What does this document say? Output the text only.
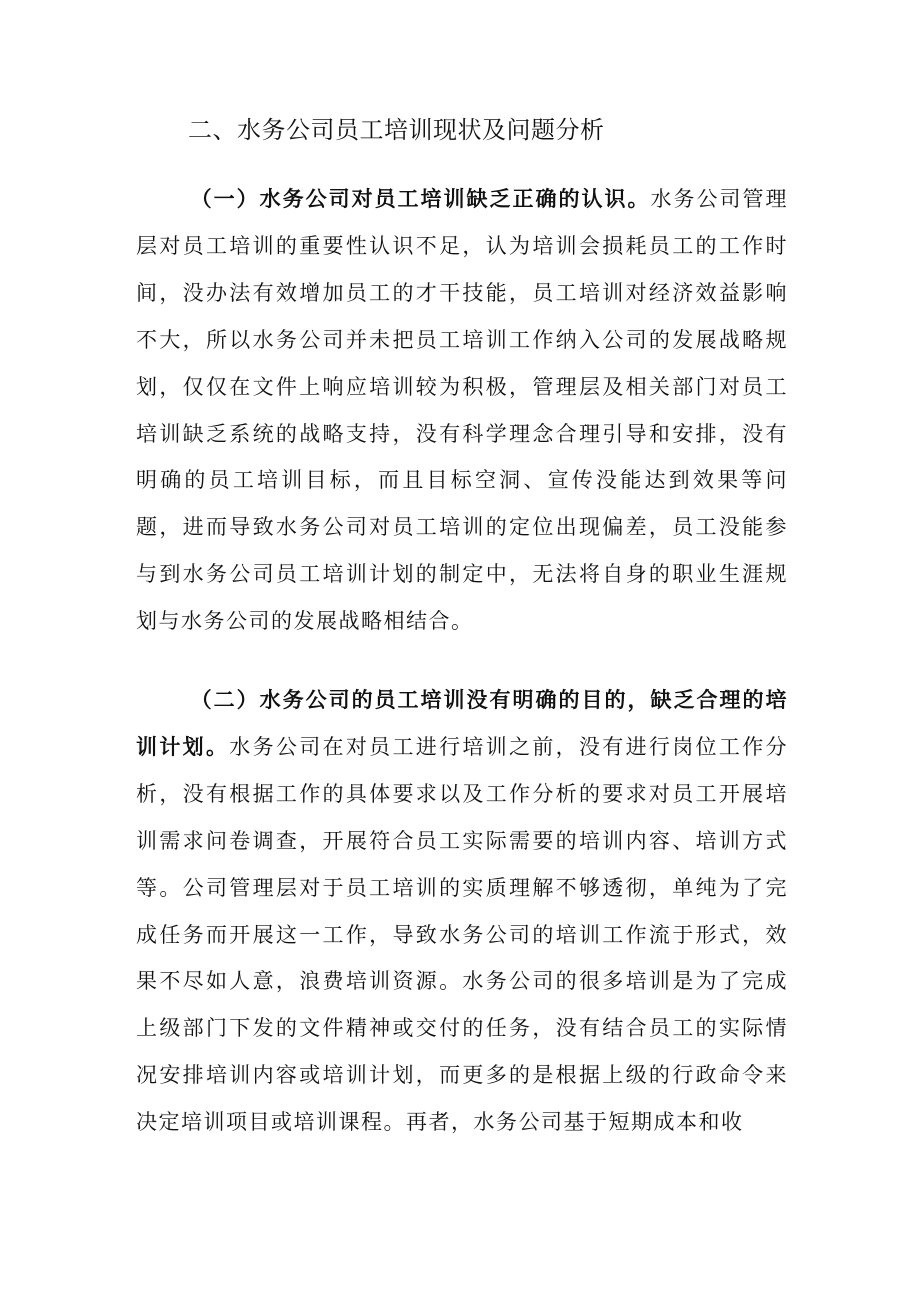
二、水务公司员工培训现状及问题分析

（一）水务公司对员工培训缺乏正确的认识。水务公司管理层对员工培训的重要性认识不足，认为培训会损耗员工的工作时间，没办法有效增加员工的才干技能，员工培训对经济效益影响不大，所以水务公司并未把员工培训工作纳入公司的发展战略规划，仅仅在文件上响应培训较为积极，管理层及相关部门对员工培训缺乏系统的战略支持，没有科学理念合理引导和安排，没有明确的员工培训目标，而且目标空洞、宣传没能达到效果等问题，进而导致水务公司对员工培训的定位出现偏差，员工没能参与到水务公司员工培训计划的制定中，无法将自身的职业生涯规划与水务公司的发展战略相结合。

（二）水务公司的员工培训没有明确的目的，缺乏合理的培训计划。水务公司在对员工进行培训之前，没有进行岗位工作分析，没有根据工作的具体要求以及工作分析的要求对员工开展培训需求问卷调查，开展符合员工实际需要的培训内容、培训方式等。公司管理层对于员工培训的实质理解不够透彻，单纯为了完成任务而开展这一工作，导致水务公司的培训工作流于形式，效果不尽如人意，浪费培训资源。水务公司的很多培训是为了完成上级部门下发的文件精神或交付的任务，没有结合员工的实际情况安排培训内容或培训计划，而更多的是根据上级的行政命令来决定培训项目或培训课程。再者，水务公司基于短期成本和收
